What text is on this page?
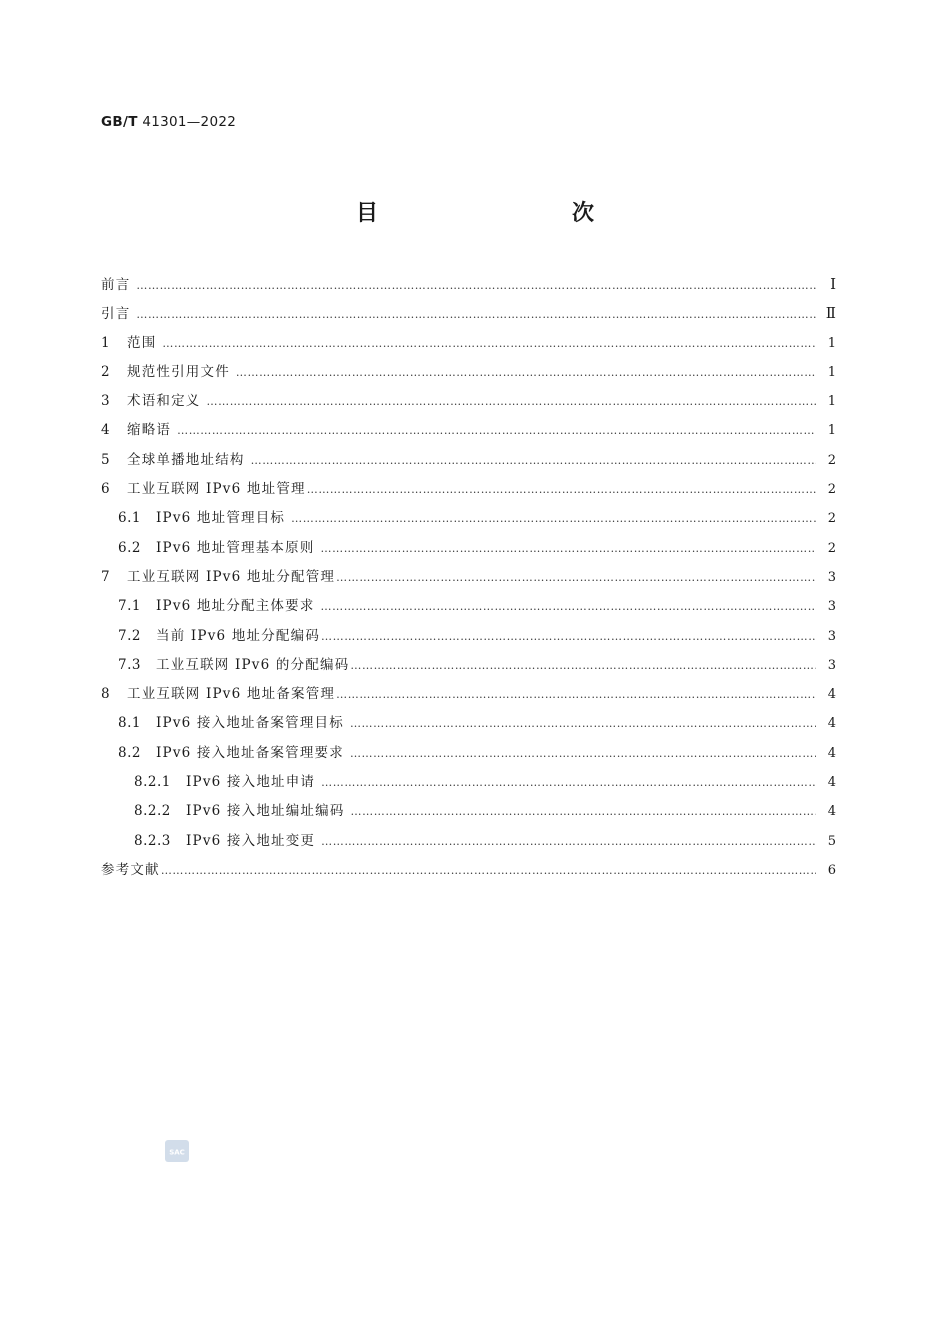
GB/T 41301—2022
目　　次
前言 ……………………………………………………………………………………………………………………………………………………………………………………………………………………………………	Ⅰ
引言 ……………………………………………………………………………………………………………………………………………………………………………………………………………………………………	Ⅱ
1	范围 ……………………………………………………………………………………………………………………………………………………………………………………………………………………………………	1
2	规范性引用文件 ……………………………………………………………………………………………………………………………………………………………………………………………………………………………………	1
3	术语和定义 ……………………………………………………………………………………………………………………………………………………………………………………………………………………………………	1
4	缩略语 ……………………………………………………………………………………………………………………………………………………………………………………………………………………………………	1
5	全球单播地址结构 ……………………………………………………………………………………………………………………………………………………………………………………………………………………………………	2
6	工业互联网 IPv6 地址管理 ……………………………………………………………………………………………………………………………………………………………………………………………………………………………………	2
6.1	IPv6 地址管理目标 ……………………………………………………………………………………………………………………………………………………………………………………………………………………………………	2
6.2	IPv6 地址管理基本原则 ……………………………………………………………………………………………………………………………………………………………………………………………………………………………………	2
7	工业互联网 IPv6 地址分配管理 ……………………………………………………………………………………………………………………………………………………………………………………………………………………………………	3
7.1	IPv6 地址分配主体要求 ……………………………………………………………………………………………………………………………………………………………………………………………………………………………………	3
7.2	当前 IPv6 地址分配编码 ……………………………………………………………………………………………………………………………………………………………………………………………………………………………………	3
7.3	工业互联网 IPv6 的分配编码 ……………………………………………………………………………………………………………………………………………………………………………………………………………………………………	3
8	工业互联网 IPv6 地址备案管理 ……………………………………………………………………………………………………………………………………………………………………………………………………………………………………	4
8.1	IPv6 接入地址备案管理目标 ……………………………………………………………………………………………………………………………………………………………………………………………………………………………………	4
8.2	IPv6 接入地址备案管理要求 ……………………………………………………………………………………………………………………………………………………………………………………………………………………………………	4
8.2.1	IPv6 接入地址申请 ……………………………………………………………………………………………………………………………………………………………………………………………………………………………………	4
8.2.2	IPv6 接入地址编址编码 ……………………………………………………………………………………………………………………………………………………………………………………………………………………………………	4
8.2.3	IPv6 接入地址变更 ……………………………………………………………………………………………………………………………………………………………………………………………………………………………………	5
参考文献 ……………………………………………………………………………………………………………………………………………………………………………………………………………………………………	6
SAC
